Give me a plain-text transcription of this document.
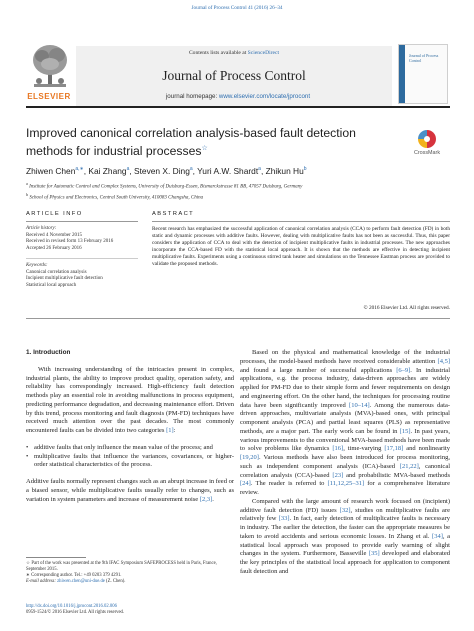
Journal of Process Control 41 (2016) 26–34
ELSEVIER
Contents lists available at ScienceDirect
Journal of Process Control
Journal of Process Control
journal homepage: www.elsevier.com/locate/jprocont
Improved canonical correlation analysis-based fault detection
methods for industrial processes☆
CrossMark
Zhiwen Chen$^{a,∗}$, Kai Zhang$^a$, Steven X. Ding$^a$, Yuri A.W. Shardt$^a$, Zhikun Hu$^b$
$^a$ Institute for Automatic Control and Complex Systems, University of Duisburg-Essen, Bismarckstrasse 81 BB, 47057 Duisburg, Germany
$^b$ School of Physics and Electronics, Central South University, 410083 Changsha, China
ARTICLE INFO	ABSTRACT
Article history:
Received 4 November 2015
Received in revised form 13 February 2016
Accepted 26 February 2016
Keywords:
Canonical correlation analysis
Incipient multiplicative fault detection
Statistical local approach
Recent research has emphasized the successful application of canonical correlation analysis (CCA) to perform fault detection (FD) in both static and dynamic processes with additive faults. However, dealing with multiplicative faults has not been as successful. Thus, this paper considers the application of CCA to deal with the detection of incipient multiplicative faults in industrial processes. The new approaches incorporate the CCA-based FD with the statistical local approach. It is shown that the methods are effective in detecting incipient multiplicative faults. Experiments using a continuous stirred tank heater and simulations on the Tennessee Eastman process are provided to validate the proposed methods.
© 2016 Elsevier Ltd. All rights reserved.
1. Introduction

With increasing understanding of the intricacies present in complex, industrial plants, the ability to improve product quality, operation safety, and reliability has correspondingly increased. High-efficiency fault detection methods play an essential role in avoiding malfunctions in process equipment, predicting performance degradation, and decreasing maintenance effort. Driven by this trend, process monitoring and fault diagnosis (PM-FD) techniques have received much attention over the past decades. The most commonly encountered faults can be divided into two categories [1]:

• additive faults that only influence the mean value of the process; and
• multiplicative faults that influence the variances, covariances, or higher-order statistical characteristics of the process.

Additive faults normally represent changes such as an abrupt increase in feed or a biased sensor, while multiplicative faults usually refer to changes, such as variation in system parameters and increase of measurement noise [2,3].

☆ Part of the work was presented at the 9th IFAC Symposium SAFEPROCESS held in Paris, France, September 2015.
∗ Corresponding author. Tel.: +49 0203 379 4291.
E-mail address: zhiwen.chen@uni-due.de (Z. Chen).
http://dx.doi.org/10.1016/j.jprocont.2016.02.006
0959-1524/© 2016 Elsevier Ltd. All rights reserved.

Based on the physical and mathematical knowledge of the industrial processes, the model-based methods have received considerable attention [4,5] and found a large number of successful applications [6–9]. In industrial applications, e.g. the process industry, data-driven approaches are widely applied for PM-FD due to their simple form and fewer requirements on design and engineering effort. On the other hand, the techniques for processing routine data have been significantly improved [10–14]. Among the numerous data-driven approaches, multivariate analysis (MVA)-based ones, with principal component analysis (PCA) and partial least squares (PLS) as representative methods, are a major part. The early work can be found in [15]. In past years, various improvements to the conventional MVA-based methods have been made to solve problems like dynamics [16], time-varying [17,18] and nonlinearity [19,20]. Various methods have also been introduced for process monitoring, such as independent component analysis (ICA)-based [21,22], canonical correlation analysis (CCA)-based [23] and probabilistic MVA-based methods [24]. The reader is referred to [11,12,25–31] for a comprehensive literature review.

Compared with the large amount of research work focused on (incipient) additive fault detection (FD) issues [32], studies on multiplicative faults are relatively few [33]. In fact, early detection of multiplicative faults is necessary in industry. The earlier the detection, the faster can the appropriate measures be taken to avoid accidents and serious economic losses. In Zhang et al. [34], a statistical local approach was proposed to provide early warning of slight changes in the system. Furthermore, Basseville [35] developed and elaborated the key principles of the statistical local approach for application to component fault detection and
